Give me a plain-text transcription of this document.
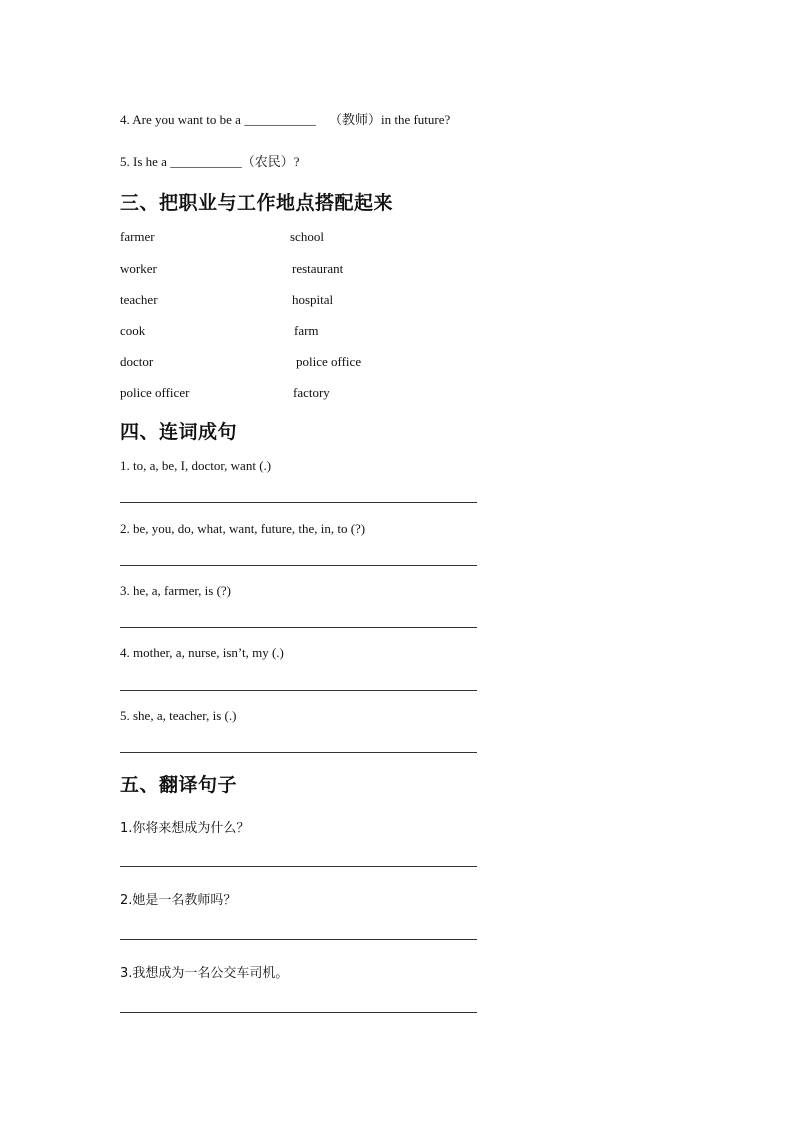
4. Are you want to be a ___________ （教师）in the future?
5. Is he a ___________（农民）?
三、把职业与工作地点搭配起来
farmer
worker
teacher
cook
doctor
police officer
school
restaurant
hospital
farm
police office
factory
四、连词成句
1. to, a, be, I, doctor, want (.)
2. be, you, do, what, want, future, the, in, to (?)
3. he, a, farmer, is (?)
4. mother, a, nurse, isn’t, my (.)
5. she, a, teacher, is (.)
五、翻译句子
1.你将来想成为什么？
2.她是一名教师吗？
3.我想成为一名公交车司机。
